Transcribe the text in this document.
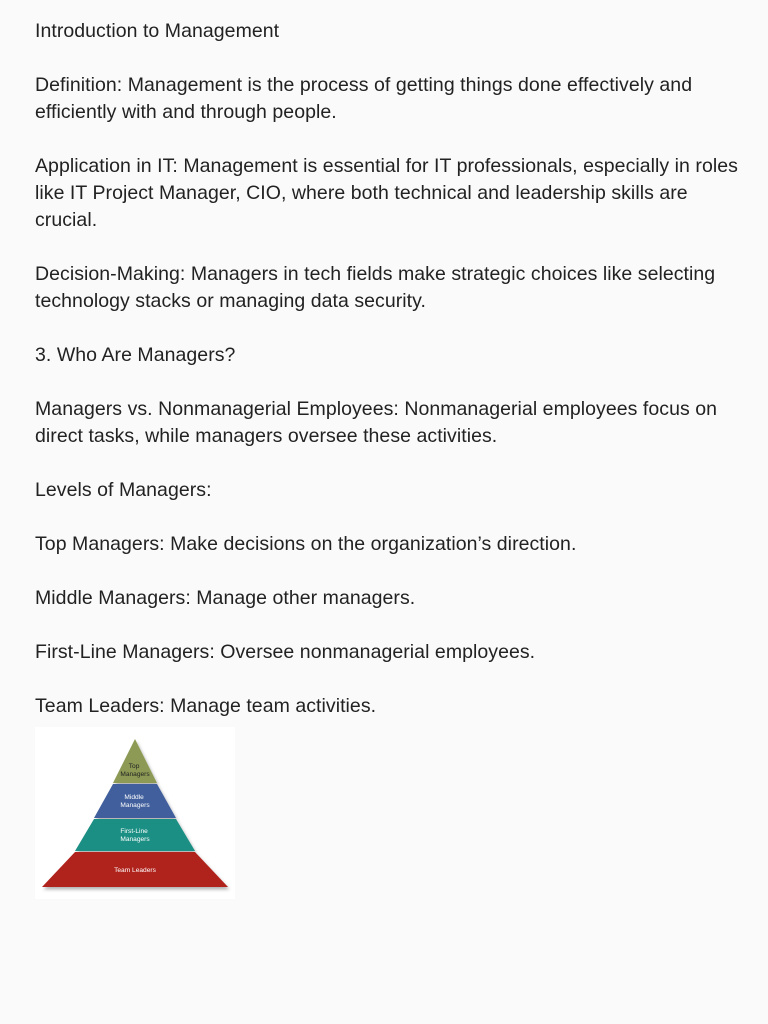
Introduction to Management

Definition: Management is the process of getting things done effectively and efficiently with and through people.

Application in IT: Management is essential for IT professionals, especially in roles like IT Project Manager, CIO, where both technical and leadership skills are crucial.

Decision-Making: Managers in tech fields make strategic choices like selecting technology stacks or managing data security.

3. Who Are Managers?

Managers vs. Nonmanagerial Employees: Nonmanagerial employees focus on direct tasks, while managers oversee these activities.

Levels of Managers:

Top Managers: Make decisions on the organization’s direction.

Middle Managers: Manage other managers.

First-Line Managers: Oversee nonmanagerial employees.

Team Leaders: Manage team activities.

Top Managers
Middle Managers
First-Line Managers
Team Leaders
